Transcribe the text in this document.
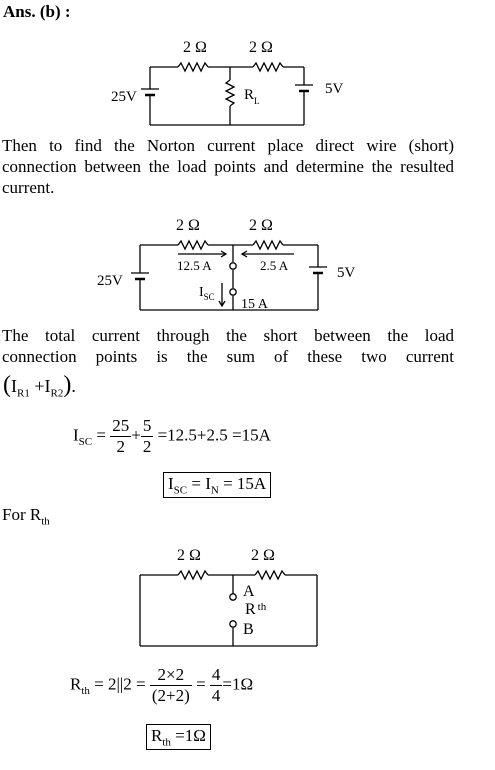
Ans. (b) :
2 Ω	2 Ω
$R_L$
25V	5V
Then to find the Norton current place direct wire (short) connection between the load points and determine the resulted current.
2 Ω	2 Ω
25V	5V
12.5 A	2.5 A
$I_{SC}$ 15 A
The total current through the short between the load
connection points is the sum of these two current
$(I_{R1} +I_{R2})$.
$I_{SC} = \frac{25}{2} + \frac{5}{2} =12.5+2.5 =15A$
$I_{SC} = I_N = 15A$
For $R_{th}$
2 Ω	2 Ω
A
R $^{th}$
B
$R_{th} = 2||2 = \frac{2\times 2}{(2+2)} = \frac{4}{4} =1\Omega$
$R_{th} =1\Omega$
